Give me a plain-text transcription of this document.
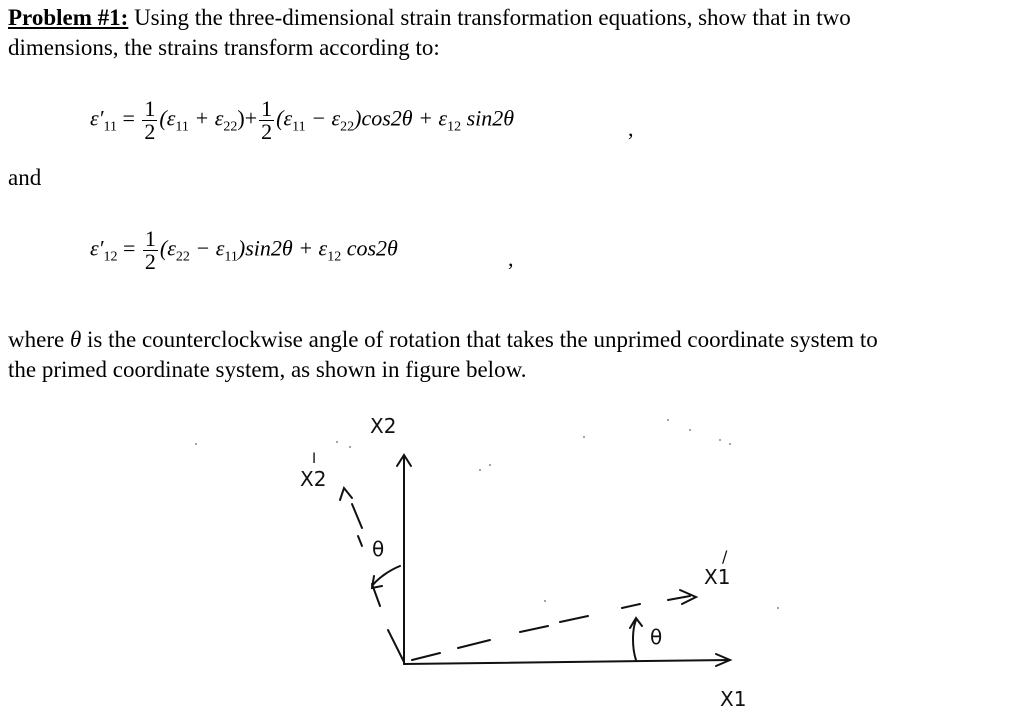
Problem #1: Using the three-dimensional strain transformation equations, show that in two
dimensions, the strains transform according to:
$\varepsilon'_{11} = \frac{1}{2} (\varepsilon_{11} + \varepsilon_{22})+ \frac{1}{2} (\varepsilon_{11} - \varepsilon_{22})\cos 2\theta + \varepsilon_{12}$ sin2θ	,
and
$\varepsilon'_{12} = \frac{1}{2} (\varepsilon_{22} - \varepsilon_{11})\sin 2\theta + \varepsilon_{12}$ cos2θ	,
where θ is the counterclockwise angle of rotation that takes the unprimed coordinate system to
the primed coordinate system, as shown in figure below.
X2
I
X2
θ
θ
/
X1
X1
